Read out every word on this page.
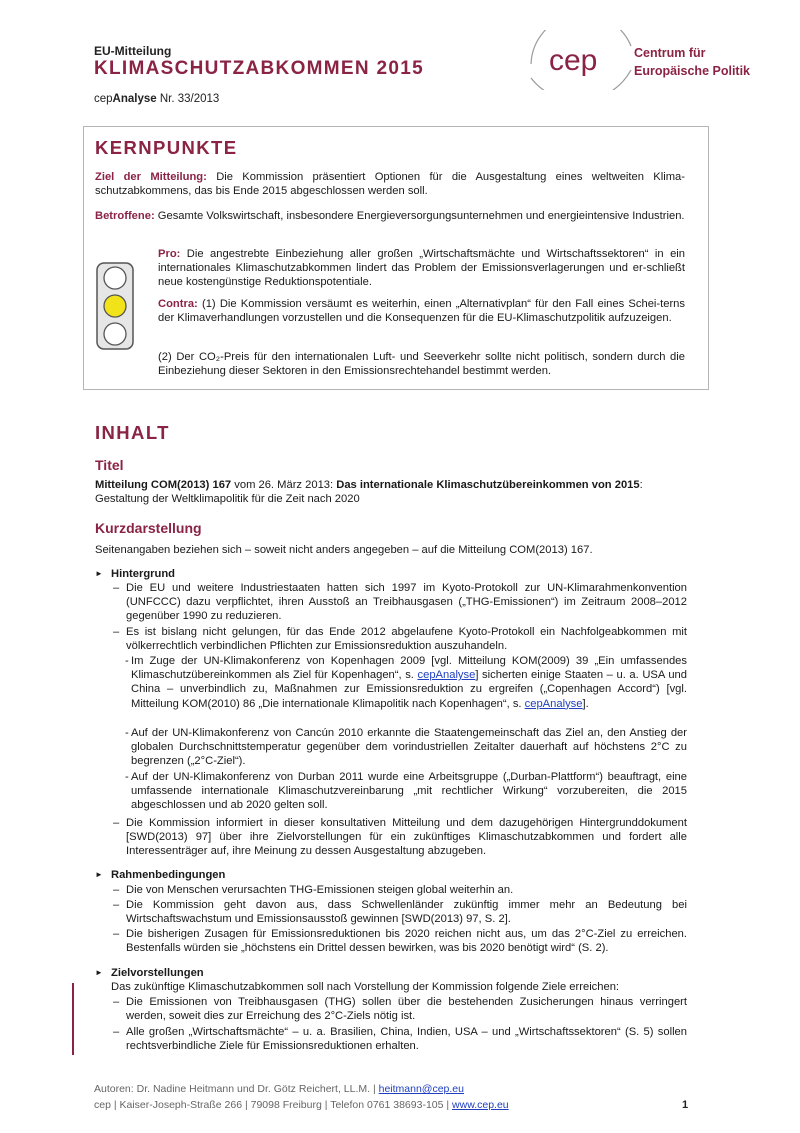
EU-Mitteilung
KLIMASCHUTZABKOMMEN 2015
cepAnalyse Nr. 33/2013
cep	Centrum für
Europäische Politik
KERNPUNKTE
Ziel der Mitteilung: Die Kommission präsentiert Optionen für die Ausgestaltung eines weltweiten Klima-schutzabkommens, das bis Ende 2015 abgeschlossen werden soll.
Betroffene: Gesamte Volkswirtschaft, insbesondere Energieversorgungsunternehmen und energieintensive Industrien.
Pro: Die angestrebte Einbeziehung aller großen „Wirtschaftsmächte und Wirtschaftssektoren“ in ein internationales Klimaschutzabkommen lindert das Problem der Emissionsverlagerungen und er-schließt neue kostengünstige Reduktionspotentiale.
Contra: (1) Die Kommission versäumt es weiterhin, einen „Alternativplan“ für den Fall eines Schei-terns der Klimaverhandlungen vorzustellen und die Konsequenzen für die EU-Klimaschutzpolitik aufzuzeigen.
(2) Der CO₂-Preis für den internationalen Luft- und Seeverkehr sollte nicht politisch, sondern durch die Einbeziehung dieser Sektoren in den Emissionsrechtehandel bestimmt werden.
INHALT
Titel
Mitteilung COM(2013) 167 vom 26. März 2013: Das internationale Klimaschutzübereinkommen von 2015:
Gestaltung der Weltklimapolitik für die Zeit nach 2020
Kurzdarstellung
Seitenangaben beziehen sich – soweit nicht anders angegeben – auf die Mitteilung COM(2013) 167.
► Hintergrund
– Die EU und weitere Industriestaaten hatten sich 1997 im Kyoto-Protokoll zur UN-Klimarahmenkonvention (UNFCCC) dazu verpflichtet, ihren Ausstoß an Treibhausgasen („THG-Emissionen“) im Zeitraum 2008–2012 gegenüber 1990 zu reduzieren.
– Es ist bislang nicht gelungen, für das Ende 2012 abgelaufene Kyoto-Protokoll ein Nachfolgeabkommen mit völkerrechtlich verbindlichen Pflichten zur Emissionsreduktion auszuhandeln.
- Im Zuge der UN-Klimakonferenz von Kopenhagen 2009 [vgl. Mitteilung KOM(2009) 39 „Ein umfassendes Klimaschutzübereinkommen als Ziel für Kopenhagen“, s. cepAnalyse] sicherten einige Staaten – u. a. USA und China – unverbindlich zu, Maßnahmen zur Emissionsreduktion zu ergreifen („Copenhagen Accord“) [vgl. Mitteilung KOM(2010) 86 „Die internationale Klimapolitik nach Kopenhagen“, s. cepAnalyse].
- Auf der UN-Klimakonferenz von Cancún 2010 erkannte die Staatengemeinschaft das Ziel an, den Anstieg der globalen Durchschnittstemperatur gegenüber dem vorindustriellen Zeitalter dauerhaft auf höchstens 2°C zu begrenzen („2°C-Ziel“).
- Auf der UN-Klimakonferenz von Durban 2011 wurde eine Arbeitsgruppe („Durban-Plattform“) beauftragt, eine umfassende internationale Klimaschutzvereinbarung „mit rechtlicher Wirkung“ vorzubereiten, die 2015 abgeschlossen und ab 2020 gelten soll.
– Die Kommission informiert in dieser konsultativen Mitteilung und dem dazugehörigen Hintergrunddokument [SWD(2013) 97] über ihre Zielvorstellungen für ein zukünftiges Klimaschutzabkommen und fordert alle Interessenträger auf, ihre Meinung zu dessen Ausgestaltung abzugeben.
► Rahmenbedingungen
– Die von Menschen verursachten THG-Emissionen steigen global weiterhin an.
– Die Kommission geht davon aus, dass Schwellenländer zukünftig immer mehr an Bedeutung bei Wirtschaftswachstum und Emissionsausstoß gewinnen [SWD(2013) 97, S. 2].
– Die bisherigen Zusagen für Emissionsreduktionen bis 2020 reichen nicht aus, um das 2°C-Ziel zu erreichen. Bestenfalls würden sie „höchstens ein Drittel dessen bewirken, was bis 2020 benötigt wird“ (S. 2).
► Zielvorstellungen
Das zukünftige Klimaschutzabkommen soll nach Vorstellung der Kommission folgende Ziele erreichen:
– Die Emissionen von Treibhausgasen (THG) sollen über die bestehenden Zusicherungen hinaus verringert werden, soweit dies zur Erreichung des 2°C-Ziels nötig ist.
– Alle großen „Wirtschaftsmächte“ – u. a. Brasilien, China, Indien, USA – und „Wirtschaftssektoren“ (S. 5) sollen rechtsverbindliche Ziele für Emissionsreduktionen erhalten.
Autoren: Dr. Nadine Heitmann und Dr. Götz Reichert, LL.M. | heitmann@cep.eu
cep | Kaiser-Joseph-Straße 266 | 79098 Freiburg | Telefon 0761 38693-105 | www.cep.eu	1
